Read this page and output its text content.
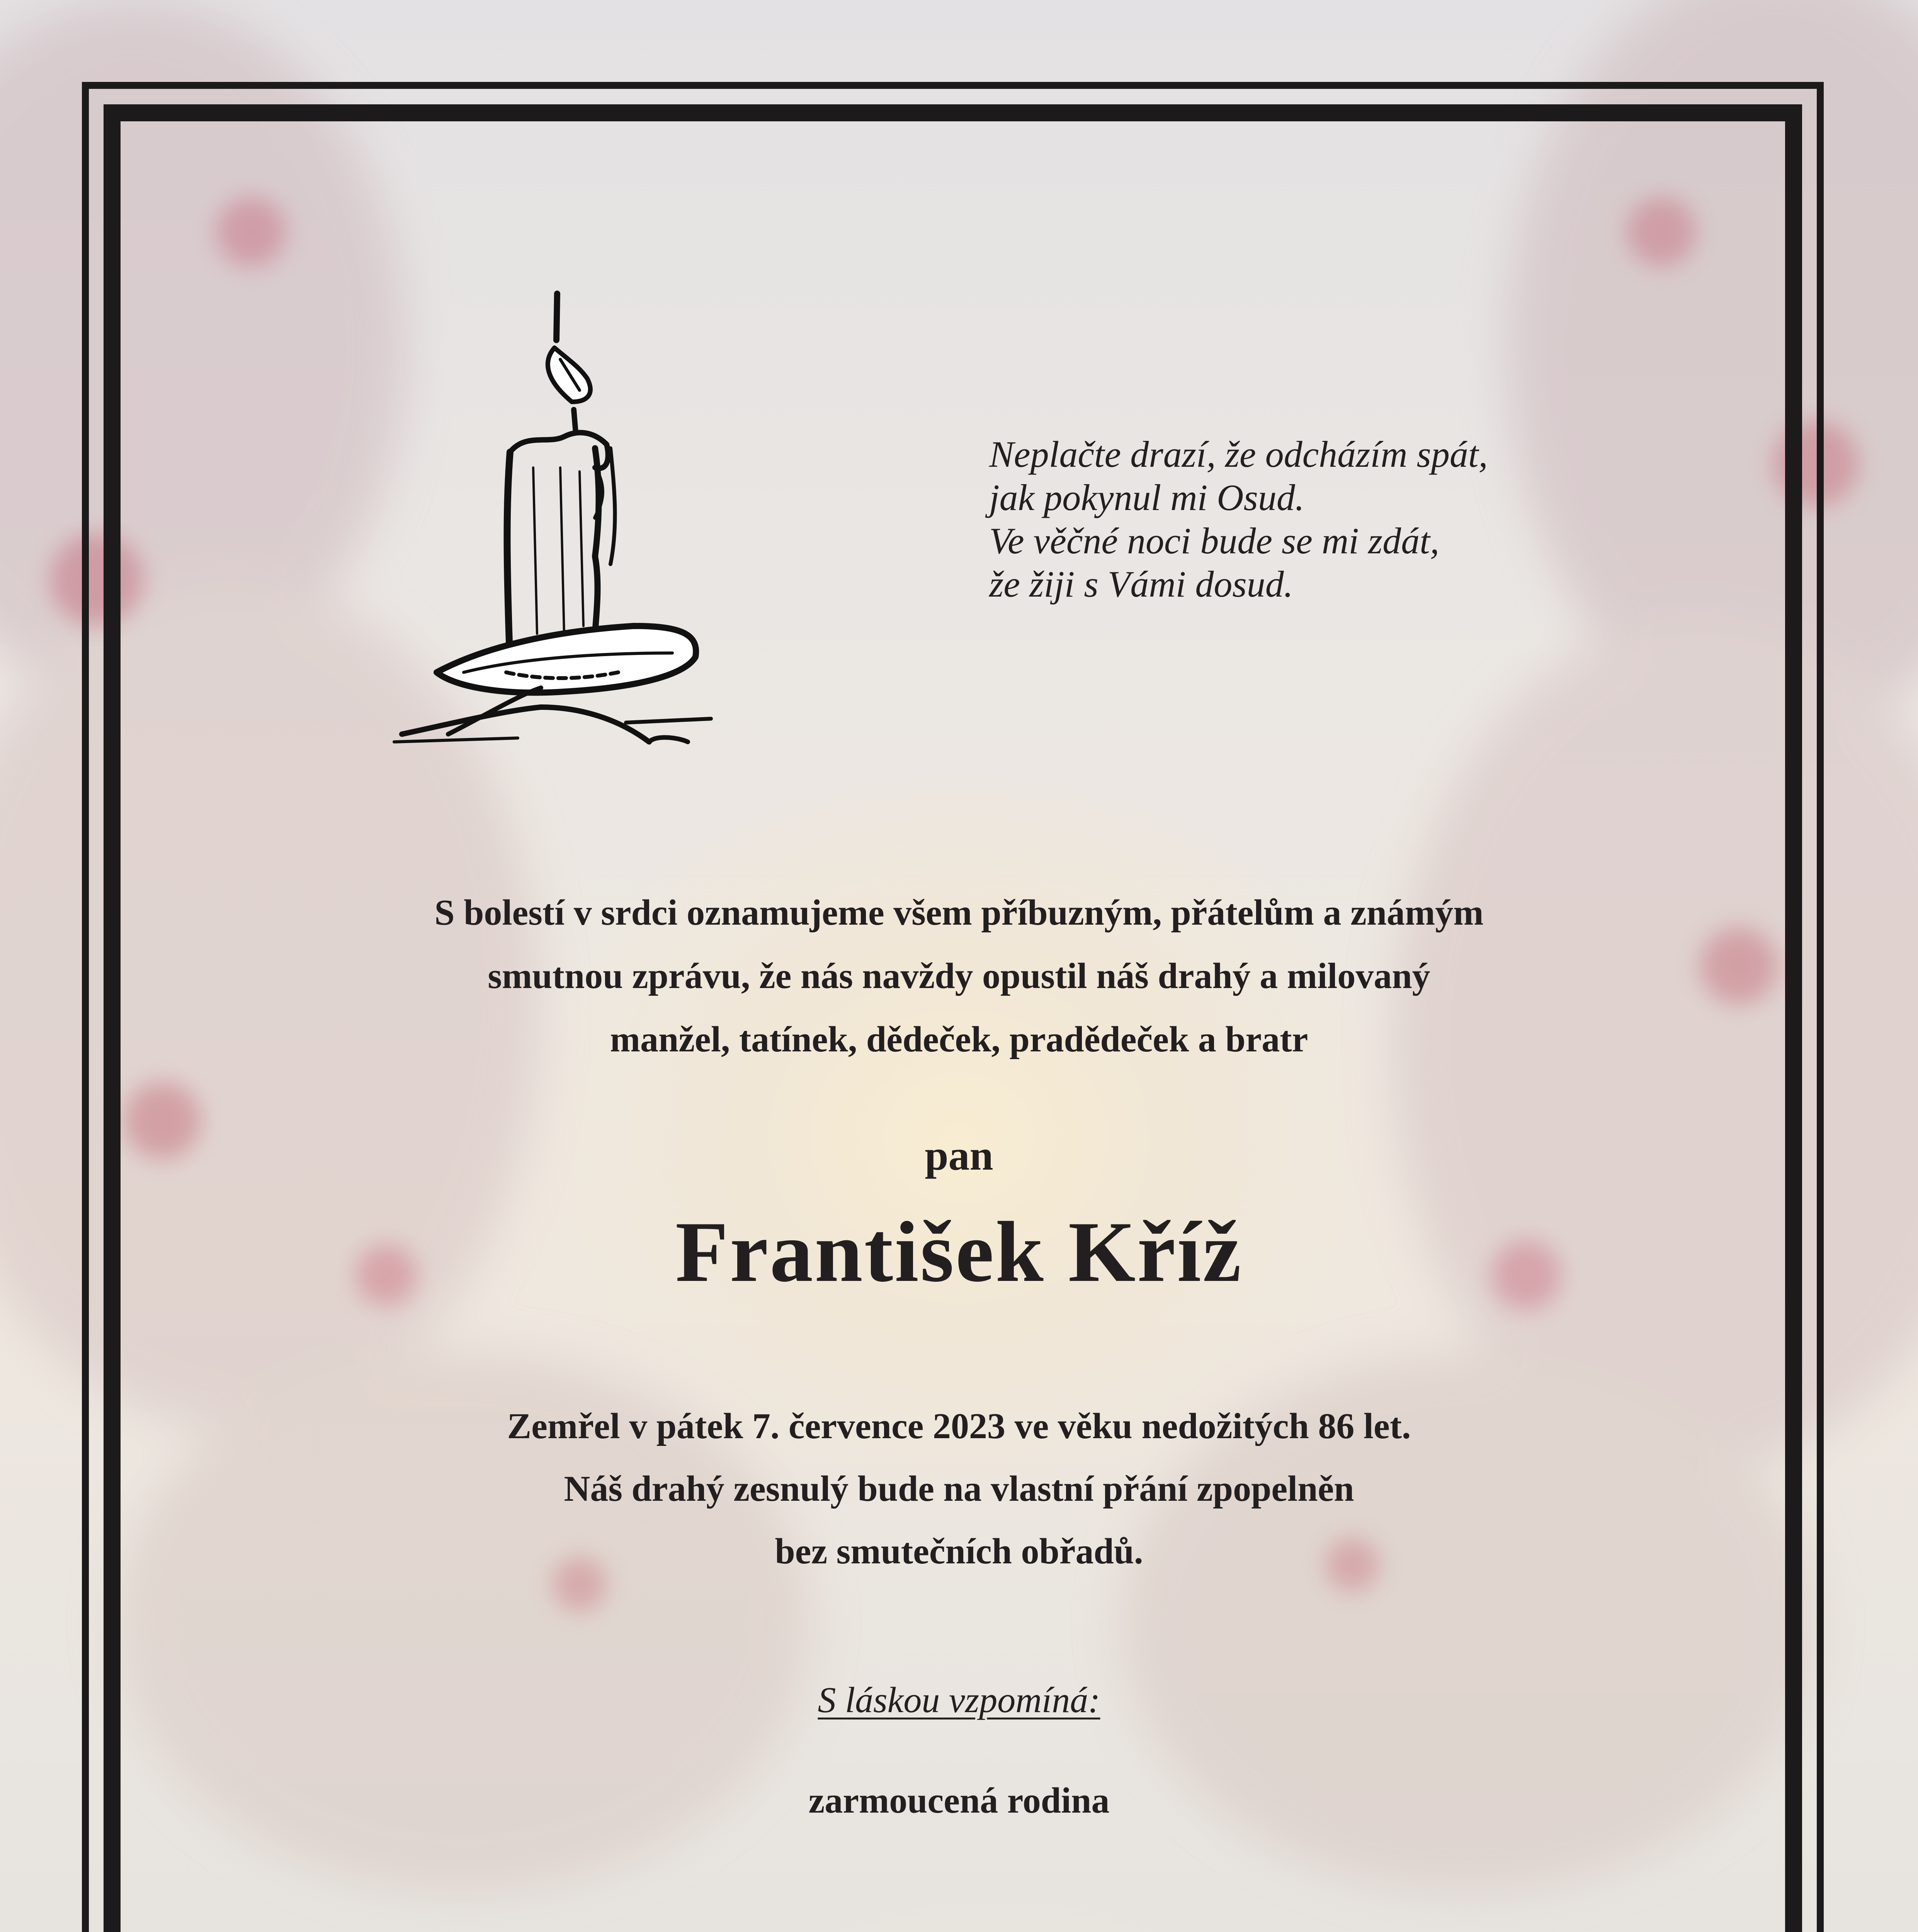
Neplačte drazí, že odcházím spát,
jak pokynul mi Osud.
Ve věčné noci bude se mi zdát,
že žiji s Vámi dosud.
S bolestí v srdci oznamujeme všem příbuzným, přátelům a známým
smutnou zprávu, že nás navždy opustil náš drahý a milovaný
manžel, tatínek, dědeček, pradědeček a bratr
pan
František Kříž
Zemřel v pátek 7. července 2023 ve věku nedožitých 86 let.
Náš drahý zesnulý bude na vlastní přání zpopelněn
bez smutečních obřadů.
S láskou vzpomíná:
zarmoucená rodina
